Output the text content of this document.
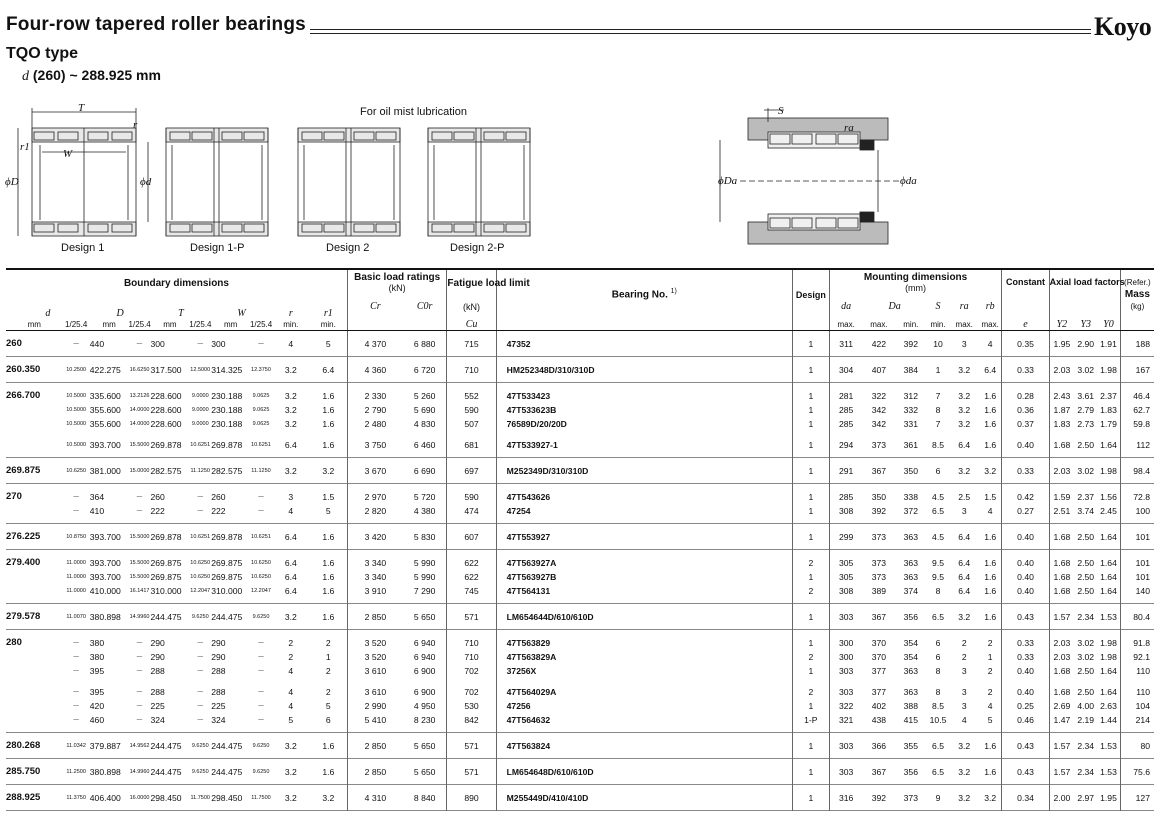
Four-row tapered roller bearings	Koyo
TQO type
d (260) ~ 288.925 mm
For oil mist lubrication
Design 1	Design 1-P	Design 2	Design 2-P
T
r
r1
W
ϕD	ϕd
S
ra
ϕDa	ϕda
Boundary dimensions										Basic load ratings
(kN)		Fatigue load limit	Bearing No. $^{1)}$	Design	Mounting dimensions
(mm)						Constant	Axial load factors			(Refer.)
Mass
(kg)
d		D		T		W		r	r1	Cr	C0r	(kN)			da	Da		S	ra	rb					
mm	1/25.4	mm	1/25.4	mm	1/25.4	mm	1/25.4	min.	min.			Cu			max.	max.	min.	min.	max.	max.	e	Y2	Y3	Y0	
260	—	440	—	300	—	300	—	4	5	4 370	6 880	715	47352	1	311	422	392	10	3	4	0.35	1.95	2.90	1.91	188
260.350	10.2500	422.275	16.6250	317.500	12.5000	314.325	12.3750	3.2	6.4	4 360	6 720	710	HM252348D/310/310D	1	304	407	384	1	3.2	6.4	0.33	2.03	3.02	1.98	167
266.700	10.5000	335.600	13.2126	228.600	9.0000	230.188	9.0625	3.2	1.6	2 330	5 260	552	47T533423	1	281	322	312	7	3.2	1.6	0.28	2.43	3.61	2.37	46.4
	10.5000	355.600	14.0000	228.600	9.0000	230.188	9.0625	3.2	1.6	2 790	5 690	590	47T533623B	1	285	342	332	8	3.2	1.6	0.36	1.87	2.79	1.83	62.7
	10.5000	355.600	14.0000	228.600	9.0000	230.188	9.0625	3.2	1.6	2 480	4 830	507	76589D/20/20D	1	285	342	331	7	3.2	1.6	0.37	1.83	2.73	1.79	59.8
	10.5000	393.700	15.5000	269.878	10.6251	269.878	10.6251	6.4	1.6	3 750	6 460	681	47T533927-1	1	294	373	361	8.5	6.4	1.6	0.40	1.68	2.50	1.64	112
269.875	10.6250	381.000	15.0000	282.575	11.1250	282.575	11.1250	3.2	3.2	3 670	6 690	697	M252349D/310/310D	1	291	367	350	6	3.2	3.2	0.33	2.03	3.02	1.98	98.4
270	—	364	—	260	—	260	—	3	1.5	2 970	5 720	590	47T543626	1	285	350	338	4.5	2.5	1.5	0.42	1.59	2.37	1.56	72.8
	—	410	—	222	—	222	—	4	5	2 820	4 380	474	47254	1	308	392	372	6.5	3	4	0.27	2.51	3.74	2.45	100
276.225	10.8750	393.700	15.5000	269.878	10.6251	269.878	10.6251	6.4	1.6	3 420	5 830	607	47T553927	1	299	373	363	4.5	6.4	1.6	0.40	1.68	2.50	1.64	101
279.400	11.0000	393.700	15.5000	269.875	10.6250	269.875	10.6250	6.4	1.6	3 340	5 990	622	47T563927A	2	305	373	363	9.5	6.4	1.6	0.40	1.68	2.50	1.64	101
	11.0000	393.700	15.5000	269.875	10.6250	269.875	10.6250	6.4	1.6	3 340	5 990	622	47T563927B	1	305	373	363	9.5	6.4	1.6	0.40	1.68	2.50	1.64	101
	11.0000	410.000	16.1417	310.000	12.2047	310.000	12.2047	6.4	1.6	3 910	7 290	745	47T564131	2	308	389	374	8	6.4	1.6	0.40	1.68	2.50	1.64	140
279.578	11.0070	380.898	14.9960	244.475	9.6250	244.475	9.6250	3.2	1.6	2 850	5 650	571	LM654644D/610/610D	1	303	367	356	6.5	3.2	1.6	0.43	1.57	2.34	1.53	80.4
280	—	380	—	290	—	290	—	2	2	3 520	6 940	710	47T563829	1	300	370	354	6	2	2	0.33	2.03	3.02	1.98	91.8
	—	380	—	290	—	290	—	2	1	3 520	6 940	710	47T563829A	2	300	370	354	6	2	1	0.33	2.03	3.02	1.98	92.1
	—	395	—	288	—	288	—	4	2	3 610	6 900	702	37256X	1	303	377	363	8	3	2	0.40	1.68	2.50	1.64	110
	—	395	—	288	—	288	—	4	2	3 610	6 900	702	47T564029A	2	303	377	363	8	3	2	0.40	1.68	2.50	1.64	110
	—	420	—	225	—	225	—	4	5	2 990	4 950	530	47256	1	322	402	388	8.5	3	4	0.25	2.69	4.00	2.63	104
	—	460	—	324	—	324	—	5	6	5 410	8 230	842	47T564632	1-P	321	438	415	10.5	4	5	0.46	1.47	2.19	1.44	214
280.268	11.0342	379.887	14.9562	244.475	9.6250	244.475	9.6250	3.2	1.6	2 850	5 650	571	47T563824	1	303	366	355	6.5	3.2	1.6	0.43	1.57	2.34	1.53	80
285.750	11.2500	380.898	14.9960	244.475	9.6250	244.475	9.6250	3.2	1.6	2 850	5 650	571	LM654648D/610/610D	1	303	367	356	6.5	3.2	1.6	0.43	1.57	2.34	1.53	75.6
288.925	11.3750	406.400	16.0000	298.450	11.7500	298.450	11.7500	3.2	3.2	4 310	8 840	890	M255449D/410/410D	1	316	392	373	9	3.2	3.2	0.34	2.00	2.97	1.95	127
